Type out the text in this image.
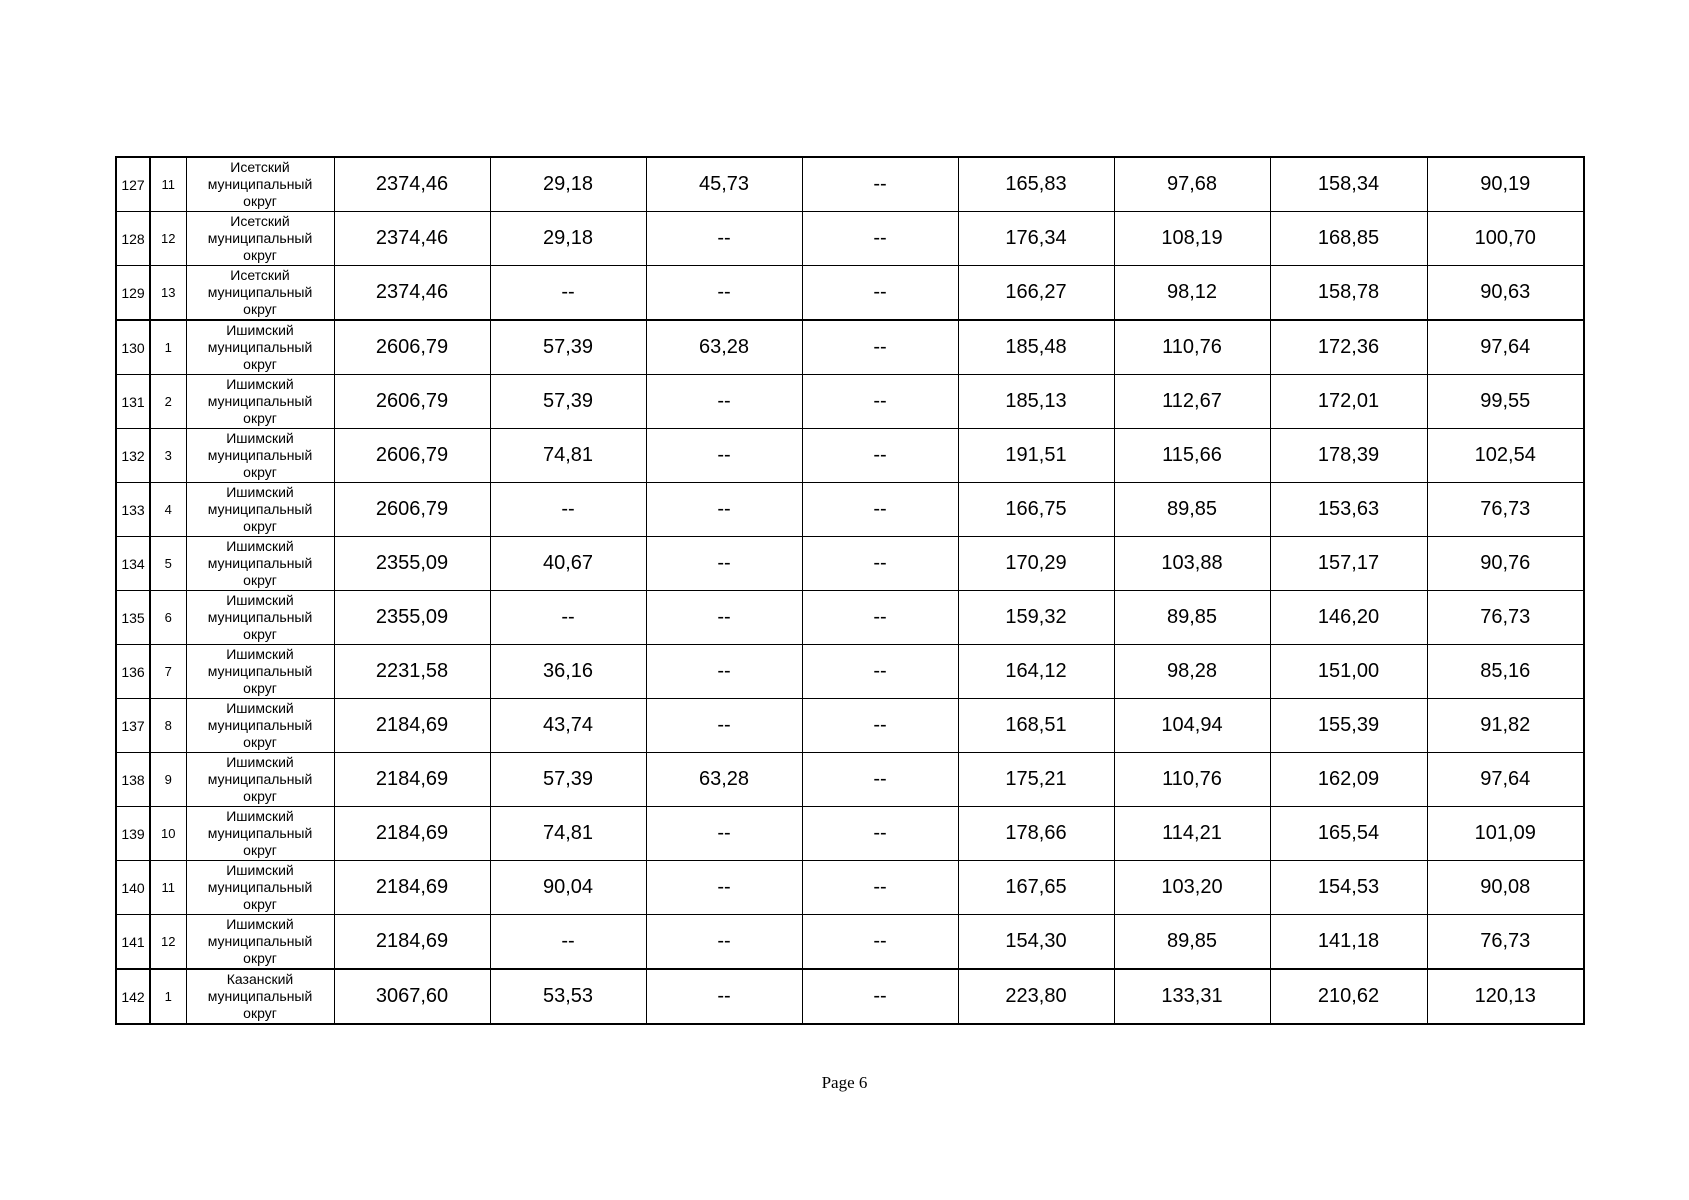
127	11	Исетский
муниципальный
округ	2374,46	29,18	45,73	--	165,83	97,68	158,34	90,19
128	12	Исетский
муниципальный
округ	2374,46	29,18	--	--	176,34	108,19	168,85	100,70
129	13	Исетский
муниципальный
округ	2374,46	--	--	--	166,27	98,12	158,78	90,63
130	1	Ишимский
муниципальный
округ	2606,79	57,39	63,28	--	185,48	110,76	172,36	97,64
131	2	Ишимский
муниципальный
округ	2606,79	57,39	--	--	185,13	112,67	172,01	99,55
132	3	Ишимский
муниципальный
округ	2606,79	74,81	--	--	191,51	115,66	178,39	102,54
133	4	Ишимский
муниципальный
округ	2606,79	--	--	--	166,75	89,85	153,63	76,73
134	5	Ишимский
муниципальный
округ	2355,09	40,67	--	--	170,29	103,88	157,17	90,76
135	6	Ишимский
муниципальный
округ	2355,09	--	--	--	159,32	89,85	146,20	76,73
136	7	Ишимский
муниципальный
округ	2231,58	36,16	--	--	164,12	98,28	151,00	85,16
137	8	Ишимский
муниципальный
округ	2184,69	43,74	--	--	168,51	104,94	155,39	91,82
138	9	Ишимский
муниципальный
округ	2184,69	57,39	63,28	--	175,21	110,76	162,09	97,64
139	10	Ишимский
муниципальный
округ	2184,69	74,81	--	--	178,66	114,21	165,54	101,09
140	11	Ишимский
муниципальный
округ	2184,69	90,04	--	--	167,65	103,20	154,53	90,08
141	12	Ишимский
муниципальный
округ	2184,69	--	--	--	154,30	89,85	141,18	76,73
142	1	Казанский
муниципальный
округ	3067,60	53,53	--	--	223,80	133,31	210,62	120,13
Page 6
